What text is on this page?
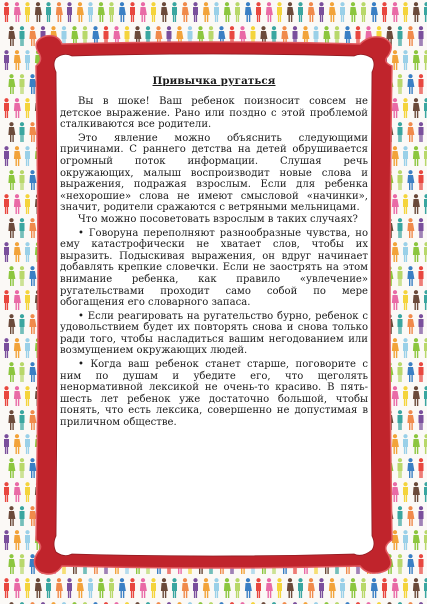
Привычка ругаться

Вы в шоке! Ваш ребенок поизносит совсем не детское выражение. Рано или поздно с этой проблемой сталкиваются все родители.

Это явление можно объяснить следующими причинами. С раннего детства на детей обрушивается огромный поток информации. Слушая речь окружающих, малыш воспроизводит новые слова и выражения, подражая взрослым. Если для ребенка «нехорошие» слова не имеют смысловой «начинки», значит, родители сражаются с ветряными мельницами.

Что можно посоветовать взрослым в таких случаях?

• Говоруна переполняют разнообразные чувства, но ему катастрофически не хватает слов, чтобы их выразить. Подыскивая выражения, он вдруг начинает добавлять крепкие словечки. Если не заострять на этом внимание ребенка, как правило «увлечение» ругательствами проходит само собой по мере обогащения его словарного запаса.

• Если реагировать на ругательство бурно, ребенок с удовольствием будет их повторять снова и снова только ради того, чтобы насладиться вашим негодованием или возмущением окружающих людей.

• Когда ваш ребенок станет старше, поговорите с ним по душам и убедите его, что щеголять ненормативной лексикой не очень-то красиво. В пять-шесть лет ребенок уже достаточно большой, чтобы понять, что есть лексика, совершенно не допустимая в приличном обществе.
